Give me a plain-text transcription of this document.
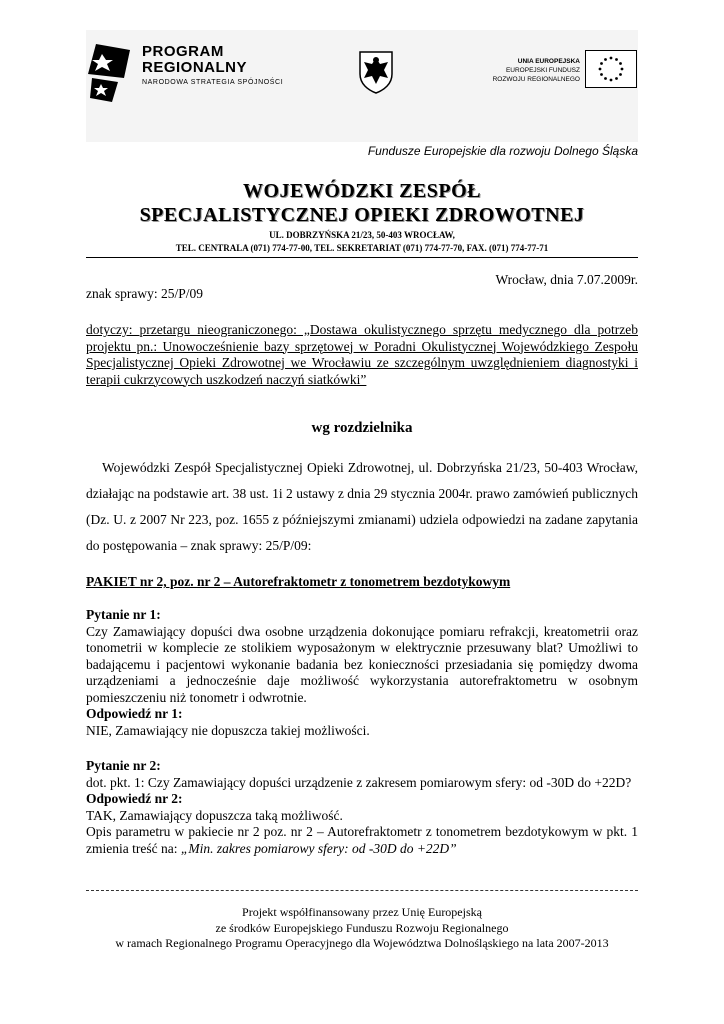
PROGRAM
REGIONALNY
NARODOWA STRATEGIA SPÓJNOŚCI
UNIA EUROPEJSKA
EUROPEJSKI FUNDUSZ
ROZWOJU REGIONALNEGO
Fundusze Europejskie dla rozwoju Dolnego Śląska
WOJEWÓDZKI ZESPÓŁ
SPECJALISTYCZNEJ OPIEKI ZDROWOTNEJ
UL. DOBRZYŃSKA 21/23, 50-403 WROCŁAW,
TEL. CENTRALA (071) 774-77-00, TEL. SEKRETARIAT (071) 774-77-70, FAX. (071) 774-77-71
Wrocław, dnia 7.07.2009r.
znak sprawy: 25/P/09
dotyczy: przetargu nieograniczonego: „Dostawa okulistycznego sprzętu medycznego dla potrzeb projektu pn.: Unowocześnienie bazy sprzętowej w Poradni Okulistycznej Wojewódzkiego Zespołu Specjalistycznej Opieki Zdrowotnej we Wrocławiu ze szczególnym uwzględnieniem diagnostyki i terapii cukrzycowych uszkodzeń naczyń siatkówki”
wg rozdzielnika
Wojewódzki Zespół Specjalistycznej Opieki Zdrowotnej, ul. Dobrzyńska 21/23, 50-403 Wrocław, działając na podstawie art. 38 ust. 1i 2 ustawy z dnia 29 stycznia 2004r. prawo zamówień publicznych (Dz. U. z 2007 Nr 223, poz. 1655 z późniejszymi zmianami) udziela odpowiedzi na zadane zapytania do postępowania – znak sprawy: 25/P/09:
PAKIET nr 2, poz. nr 2 – Autorefraktometr z tonometrem bezdotykowym
Pytanie nr 1:
Czy Zamawiający dopuści dwa osobne urządzenia dokonujące pomiaru refrakcji, kreatometrii oraz tonometrii w komplecie ze stolikiem wyposażonym w elektrycznie przesuwany blat? Umożliwi to badającemu i pacjentowi wykonanie badania bez konieczności przesiadania się pomiędzy dwoma urządzeniami a jednocześnie daje możliwość wykorzystania autorefraktometru w osobnym pomieszczeniu niż tonometr i odwrotnie.
Odpowiedź nr 1:
NIE, Zamawiający nie dopuszcza takiej możliwości.
Pytanie nr 2:
dot. pkt. 1: Czy Zamawiający dopuści urządzenie z zakresem pomiarowym sfery: od -30D do +22D?
Odpowiedź nr 2:
TAK, Zamawiający dopuszcza taką możliwość.
Opis parametru w pakiecie nr 2 poz. nr 2 – Autorefraktometr z tonometrem bezdotykowym w pkt. 1 zmienia treść na: „Min. zakres pomiarowy sfery: od -30D do +22D”
Projekt współfinansowany przez Unię Europejską
ze środków Europejskiego Funduszu Rozwoju Regionalnego
w ramach Regionalnego Programu Operacyjnego dla Województwa Dolnośląskiego na lata 2007-2013
